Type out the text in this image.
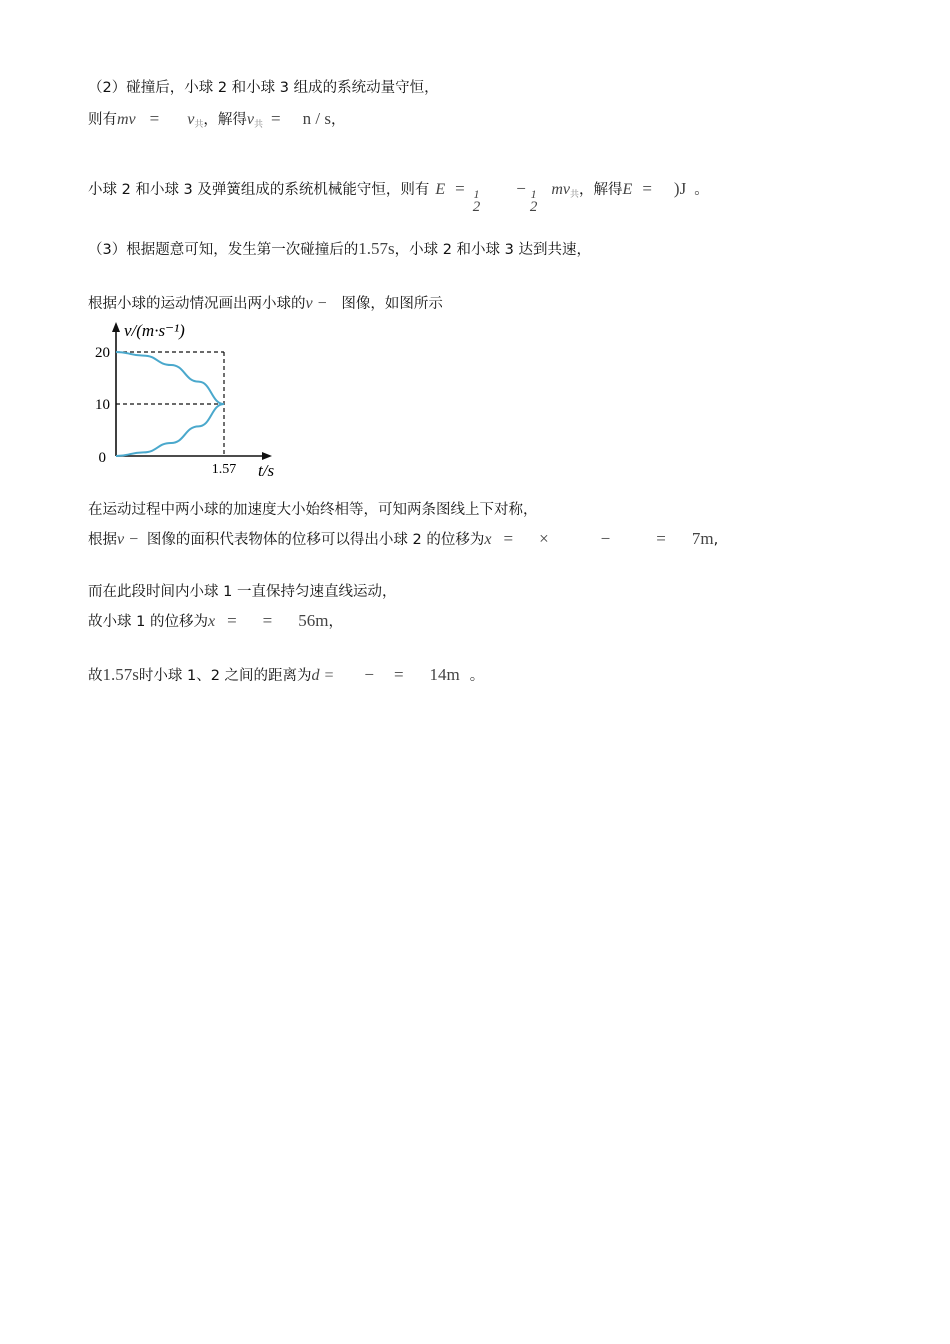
（2）碰撞后，小球 2 和小球 3 组成的系统动量守恒，
则有 mv = v 共 ，解得 v 共 = n / s ，
小球 2 和小球 3 及弹簧组成的系统机械能守恒，则有 E = 1
2
− 1
2
mv 共 ，解得 E = )J 。
（3）根据题意可知，发生第一次碰撞后的 1.57s ，小球 2 和小球 3 达到共速，
根据小球的运动情况画出两小球的 v − 图像，如图所示
20
10
0
1.57
v/(m·s⁻¹)
t/s
在运动过程中两小球的加速度大小始终相等，可知两条图线上下对称，
根据 v − 图像的面积代表物体的位移可以得出小球 2 的位移为 x = ×	−	= 7m ,
而在此段时间内小球 1 一直保持匀速直线运动，
故小球 1 的位移为 x = = 56m ，
故 1.57s 时小球 1、2 之间的距离为 d = − = 14m 。
